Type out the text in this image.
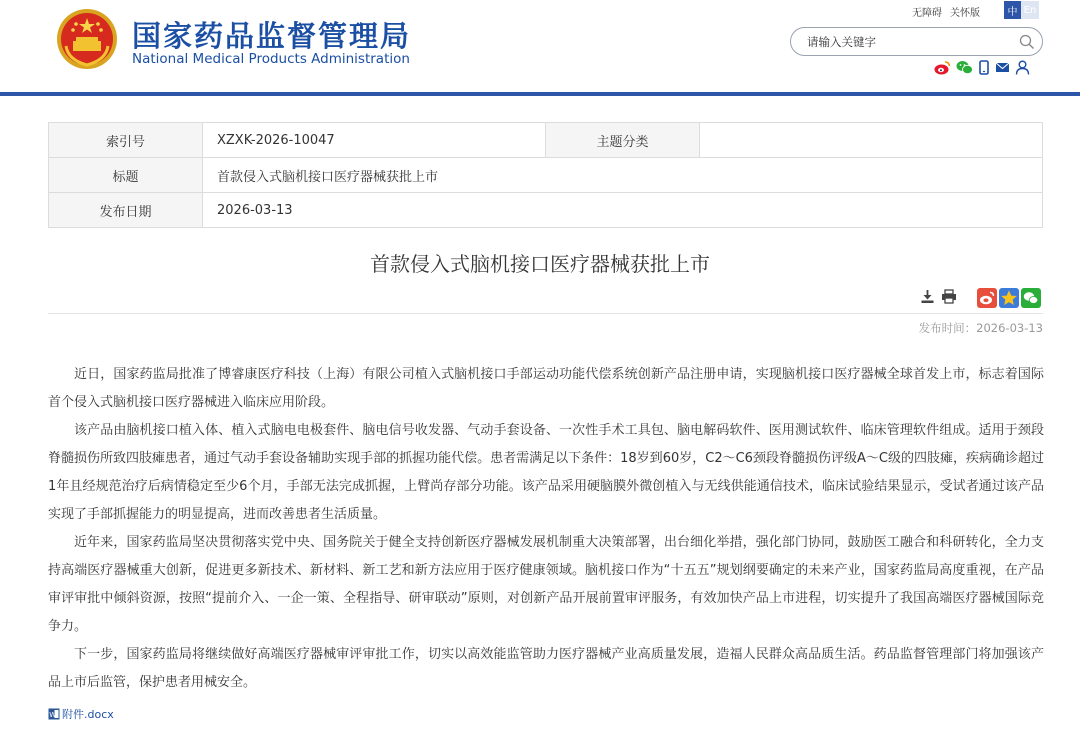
国家药品监督管理局
National Medical Products Administration
无障碍 关怀版	中 En
请输入关键字
索引号	XZXK-2026-10047	主题分类	
标题	首款侵入式脑机接口医疗器械获批上市		
发布日期	2026-03-13		
首款侵入式脑机接口医疗器械获批上市
发布时间：2026-03-13

近日，国家药监局批准了博睿康医疗科技（上海）有限公司植入式脑机接口手部运动功能代偿系统创新产品注册申请，实现脑机接口医疗器械全球首发上市，标志着国际首个侵入式脑机接口医疗器械进入临床应用阶段。

该产品由脑机接口植入体、植入式脑电电极套件、脑电信号收发器、气动手套设备、一次性手术工具包、脑电解码软件、医用测试软件、临床管理软件组成。适用于颈段脊髓损伤所致四肢瘫患者，通过气动手套设备辅助实现手部的抓握功能代偿。患者需满足以下条件：18岁到60岁，C2～C6颈段脊髓损伤评级A～C级的四肢瘫，疾病确诊超过1年且经规范治疗后病情稳定至少6个月，手部无法完成抓握，上臂尚存部分功能。该产品采用硬脑膜外微创植入与无线供能通信技术，临床试验结果显示，受试者通过该产品实现了手部抓握能力的明显提高，进而改善患者生活质量。

近年来，国家药监局坚决贯彻落实党中央、国务院关于健全支持创新医疗器械发展机制重大决策部署，出台细化举措，强化部门协同，鼓励医工融合和科研转化，全力支持高端医疗器械重大创新，促进更多新技术、新材料、新工艺和新方法应用于医疗健康领域。脑机接口作为“十五五”规划纲要确定的未来产业，国家药监局高度重视，在产品审评审批中倾斜资源，按照“提前介入、一企一策、全程指导、研审联动”原则，对创新产品开展前置审评服务，有效加快产品上市进程，切实提升了我国高端医疗器械国际竞争力。

下一步，国家药监局将继续做好高端医疗器械审评审批工作，切实以高效能监管助力医疗器械产业高质量发展，造福人民群众高品质生活。药品监督管理部门将加强该产品上市后监管，保护患者用械安全。

W 附件.docx
